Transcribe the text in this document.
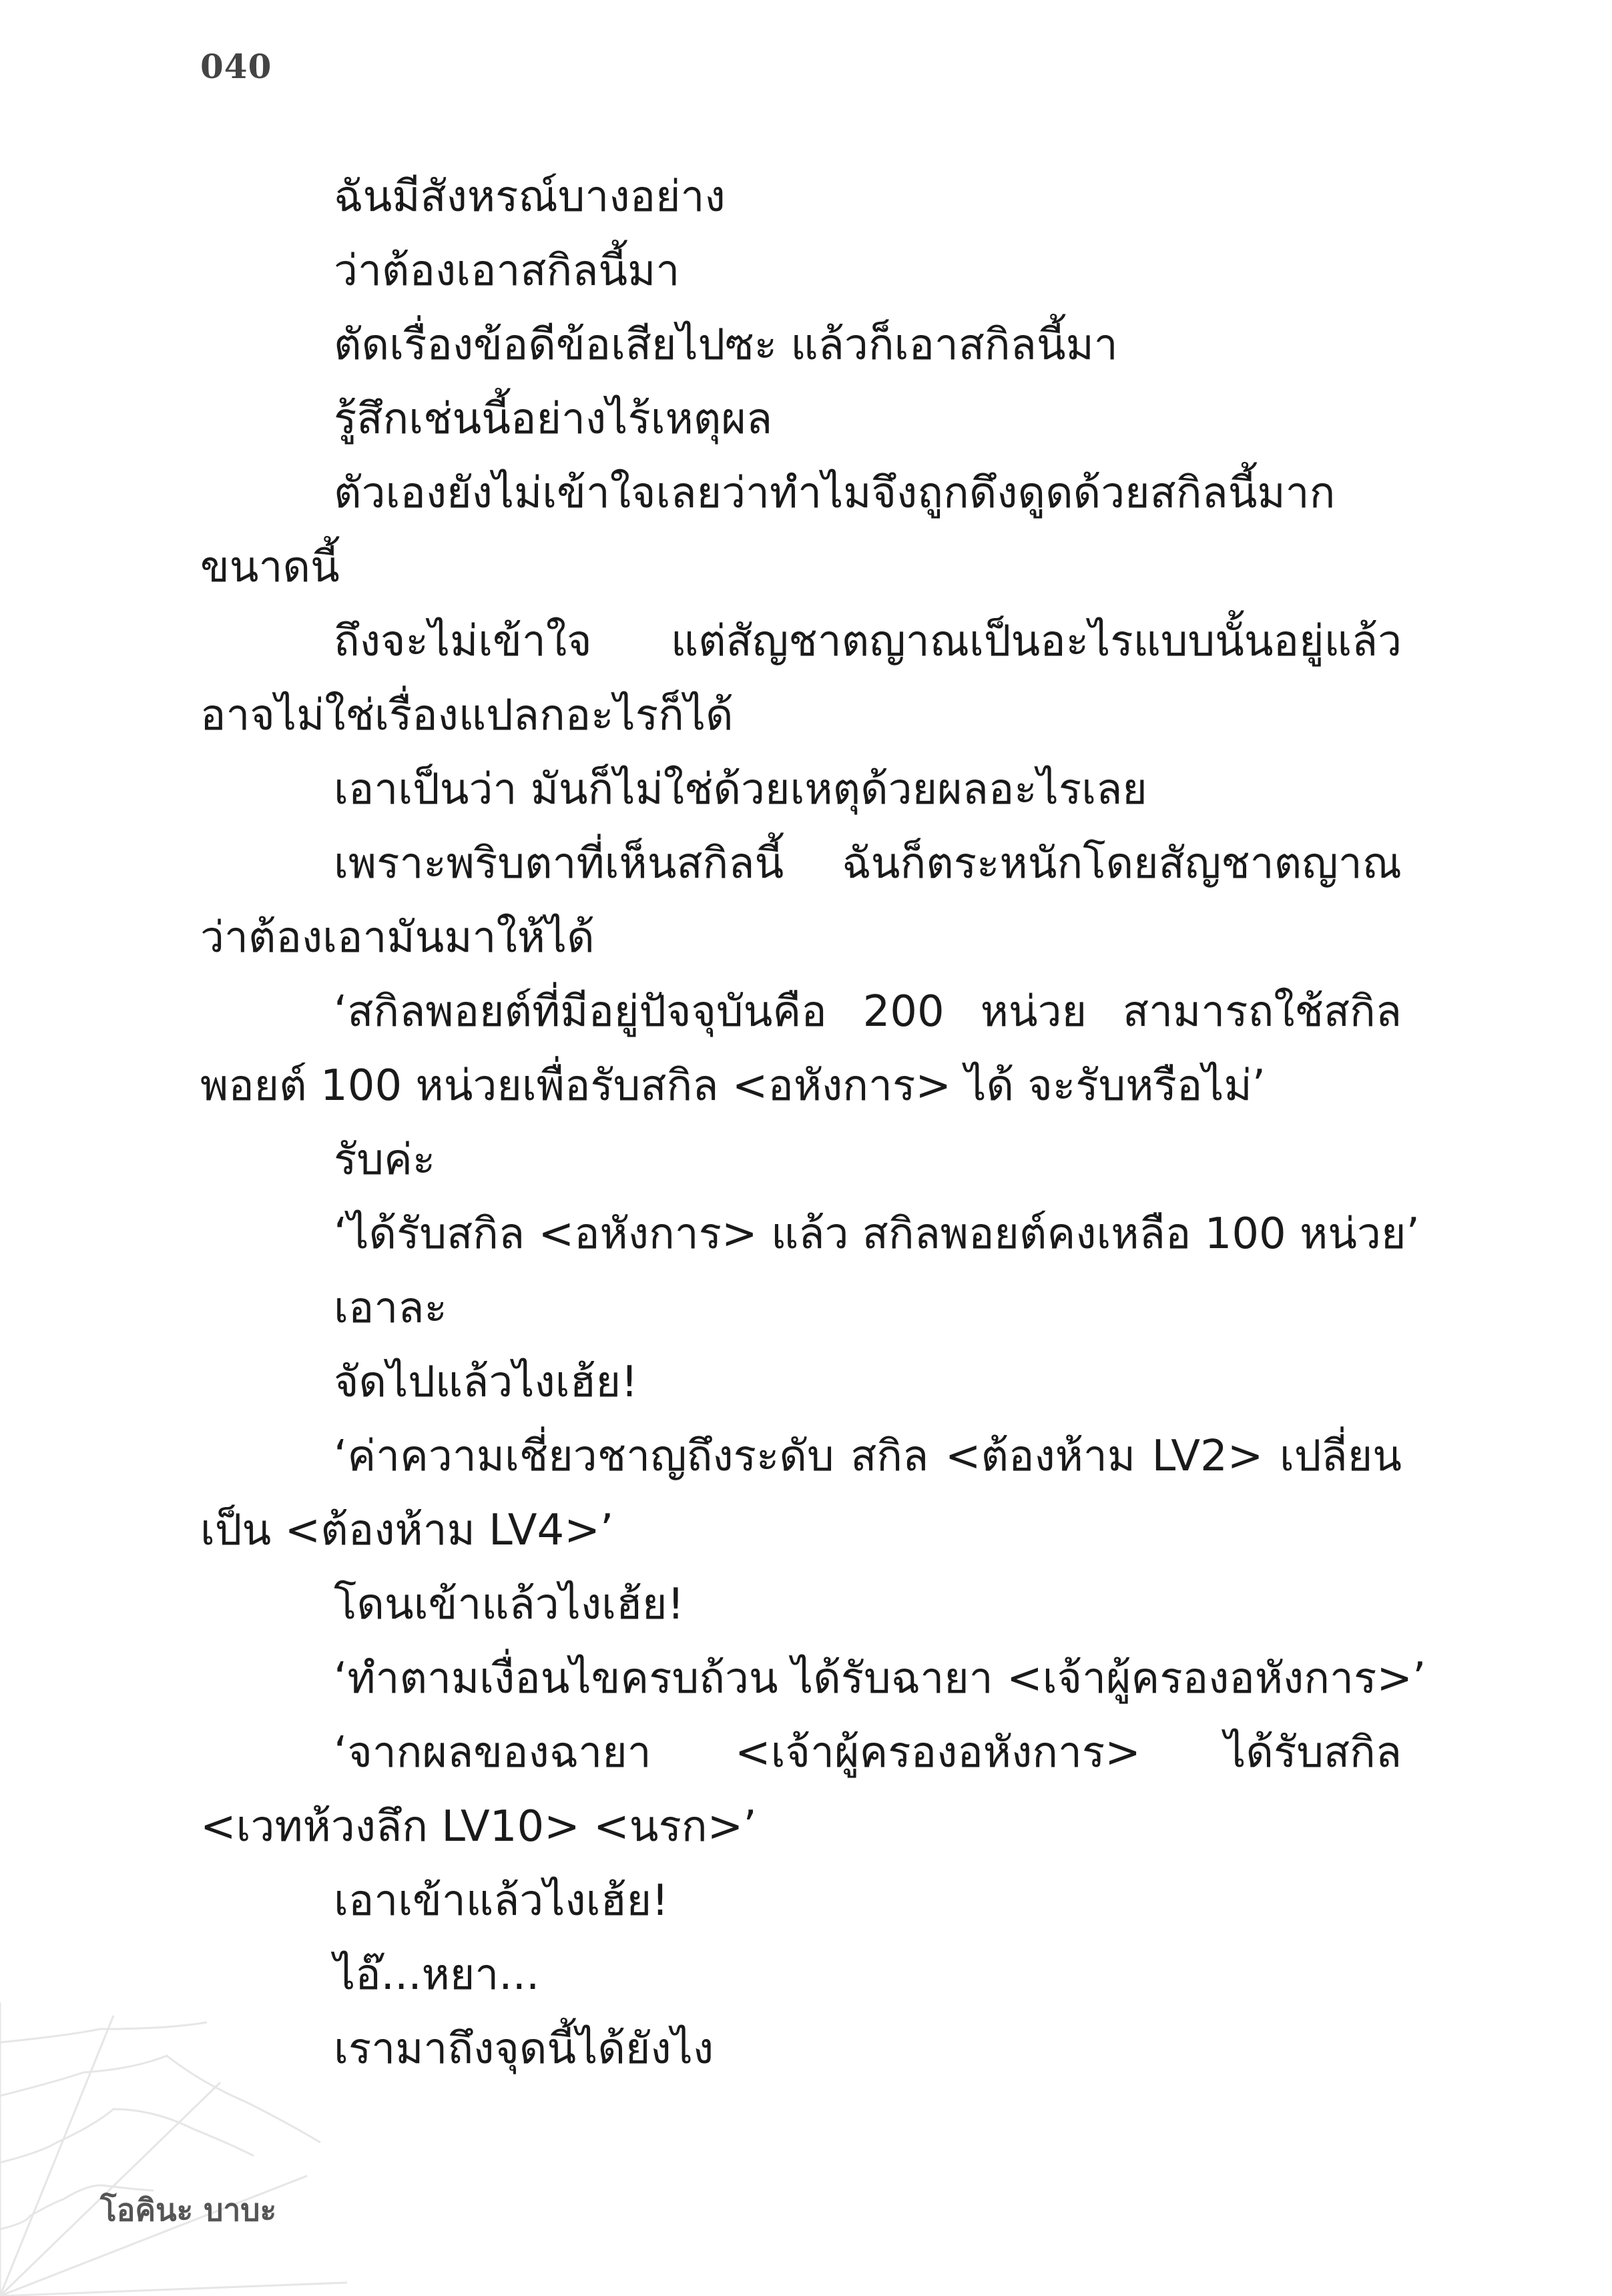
040
ฉันมีสังหรณ์บางอย่าง
ว่าต้องเอาสกิลนี้มา
ตัดเรื่องข้อดีข้อเสียไปซะ แล้วก็เอาสกิลนี้มา
รู้สึกเช่นนี้อย่างไร้เหตุผล
ตัวเองยังไม่เข้าใจเลยว่าทำไมจึงถูกดึงดูดด้วยสกิลนี้มาก
ขนาดนี้
ถึงจะไม่เข้าใจ แต่สัญชาตญาณเป็นอะไรแบบนั้นอยู่แล้ว
อาจไม่ใช่เรื่องแปลกอะไรก็ได้
เอาเป็นว่า มันก็ไม่ใช่ด้วยเหตุด้วยผลอะไรเลย
เพราะพริบตาที่เห็นสกิลนี้ ฉันก็ตระหนักโดยสัญชาตญาณ
ว่าต้องเอามันมาให้ได้
‘สกิลพอยต์ที่มีอยู่ปัจจุบันคือ 200 หน่วย สามารถใช้สกิล
พอยต์ 100 หน่วยเพื่อรับสกิล <อหังการ> ได้ จะรับหรือไม่’
รับค่ะ
‘ได้รับสกิล <อหังการ> แล้ว สกิลพอยต์คงเหลือ 100 หน่วย’
เอาละ
จัดไปแล้วไงเฮ้ย!
‘ค่าความเชี่ยวชาญถึงระดับ สกิล <ต้องห้าม LV2> เปลี่ยน
เป็น <ต้องห้าม LV4>’
โดนเข้าแล้วไงเฮ้ย!
‘ทำตามเงื่อนไขครบถ้วน ได้รับฉายา <เจ้าผู้ครองอหังการ>’
‘จากผลของฉายา <เจ้าผู้ครองอหังการ> ได้รับสกิล
<เวทห้วงลึก LV10> <นรก>’
เอาเข้าแล้วไงเฮ้ย!
ไอ๊...หยา...
เรามาถึงจุดนี้ได้ยังไง
โอคินะ บาบะ
